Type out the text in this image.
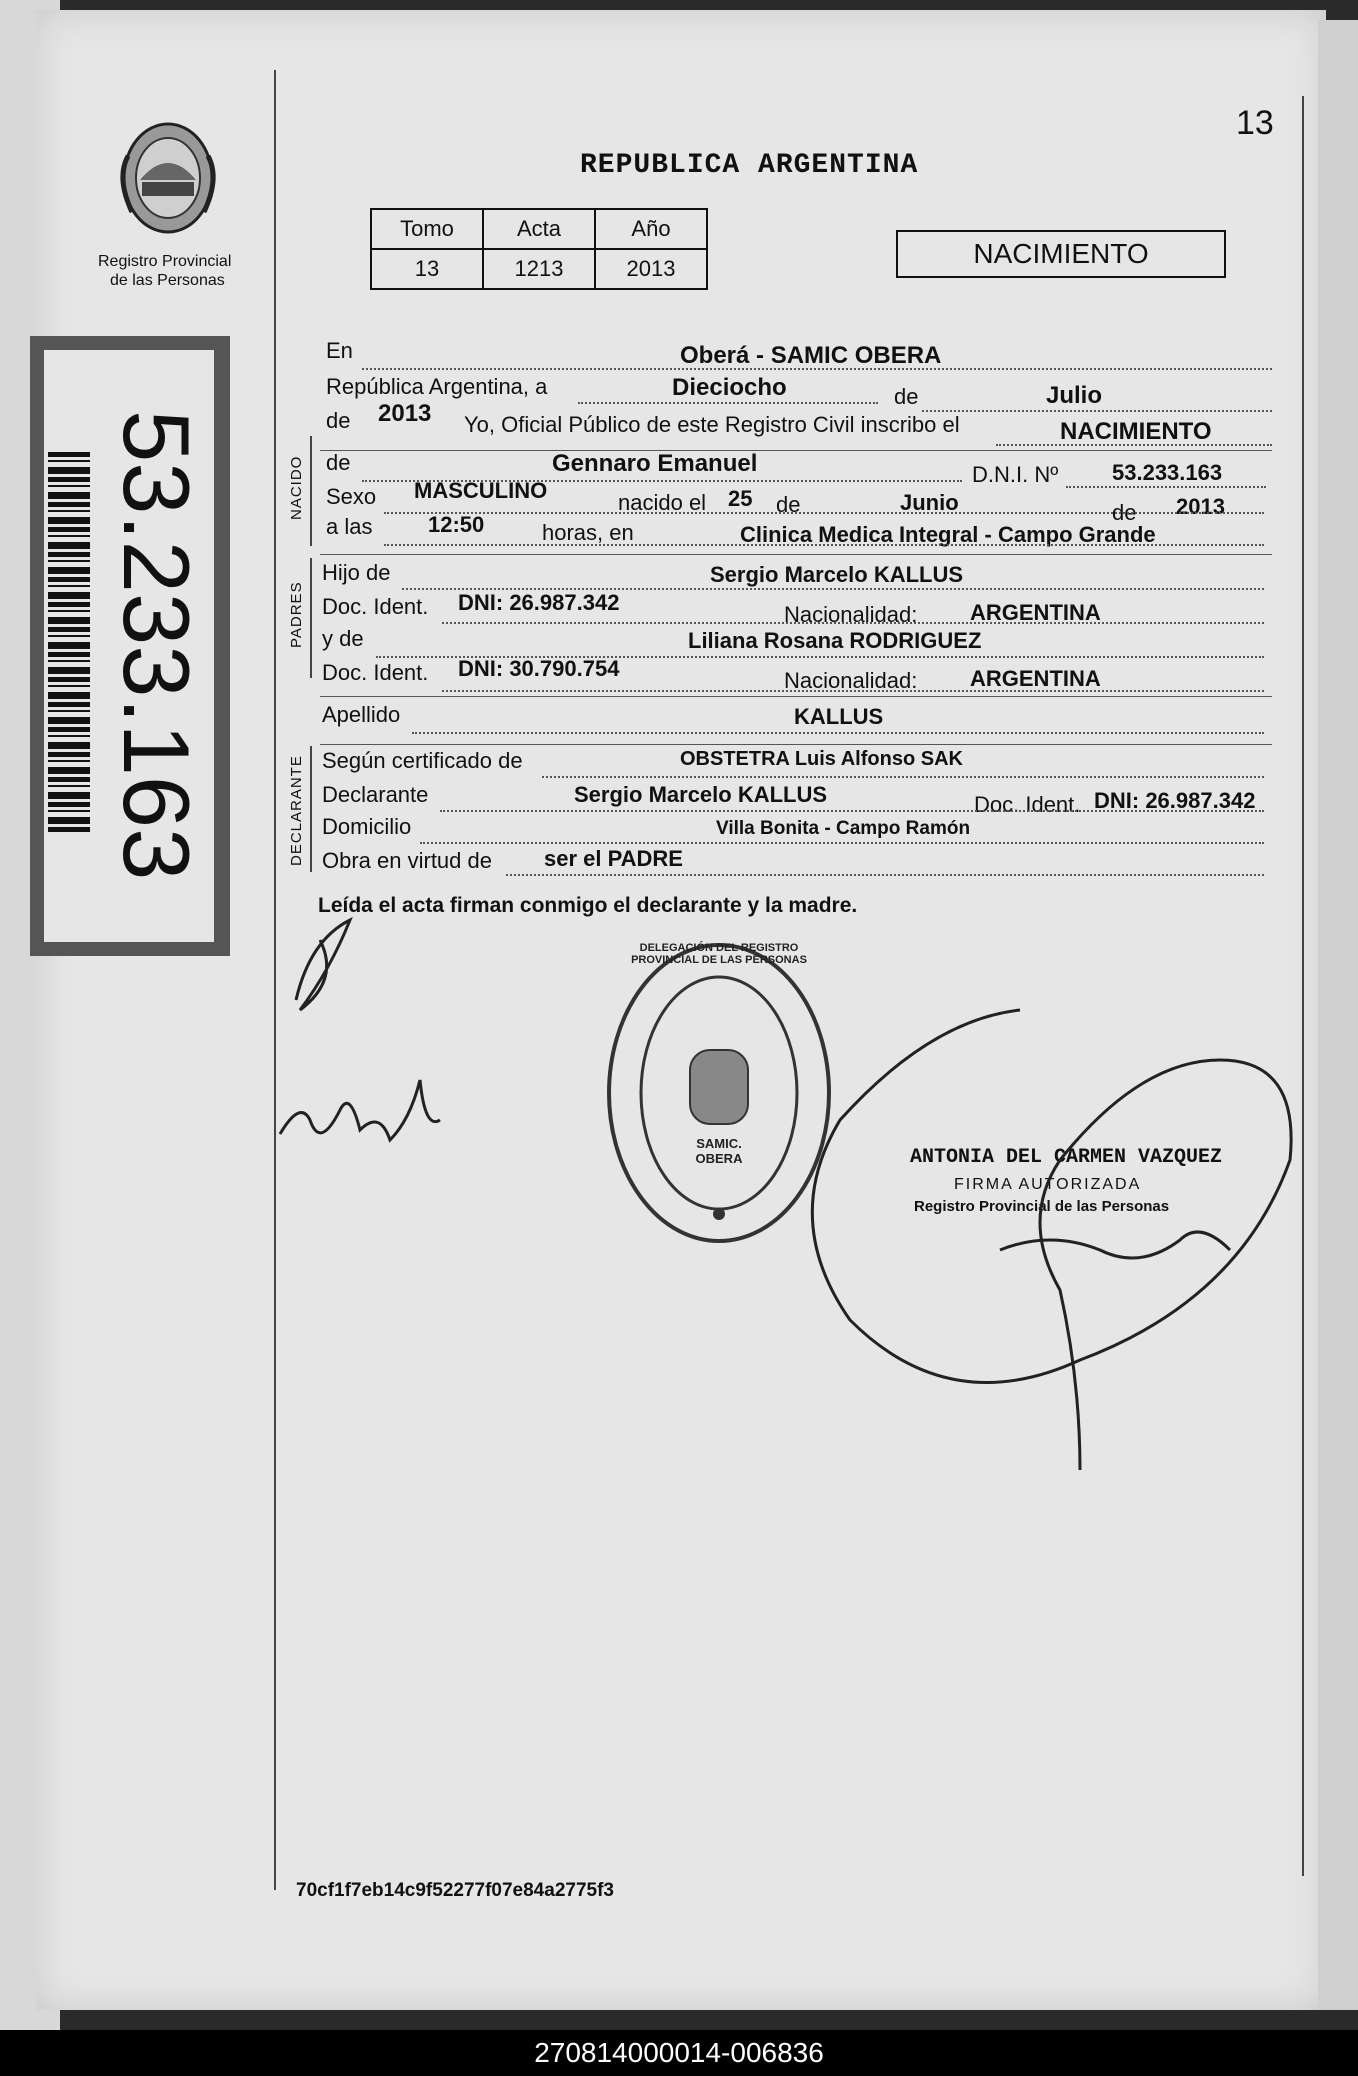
13
Registro Provincial
de las Personas
REPUBLICA ARGENTINA
Tomo	Acta	Año
13	1213	2013	NACIMIENTO
53.233.163	NACIDO
PADRES
DECLARANTE
En	Oberá - SAMIC OBERA
República Argentina, a	Dieciocho	de	Julio
de 2013 Yo, Oficial Público de este Registro Civil inscribo el	NACIMIENTO
de	Gennaro Emanuel	D.N.I. Nº 53.233.163
Sexo MASCULINO	nacido el 25 de	Junio	de 2013
a las	12:50	horas, en	Clinica Medica Integral - Campo Grande
Hijo de	Sergio Marcelo KALLUS
Doc. Ident. DNI: 26.987.342	Nacionalidad: ARGENTINA
y de	Liliana Rosana RODRIGUEZ
Doc. Ident. DNI: 30.790.754	Nacionalidad: ARGENTINA
Apellido	KALLUS
Según certificado de	OBSTETRA Luis Alfonso SAK
Declarante	Sergio Marcelo KALLUS	Doc. Ident. DNI: 26.987.342
Domicilio	Villa Bonita - Campo Ramón
Obra en virtud de ser el PADRE
Leída el acta firman conmigo el declarante y la madre.
DELEGACIÓN DEL REGISTRO PROVINCIAL DE LAS PERSONAS
SAMIC. OBERA	ANTONIA DEL CARMEN VAZQUEZ
FIRMA AUTORIZADA
Registro Provincial de las Personas
70cf1f7eb14c9f52277f07e84a2775f3
270814000014-006836
